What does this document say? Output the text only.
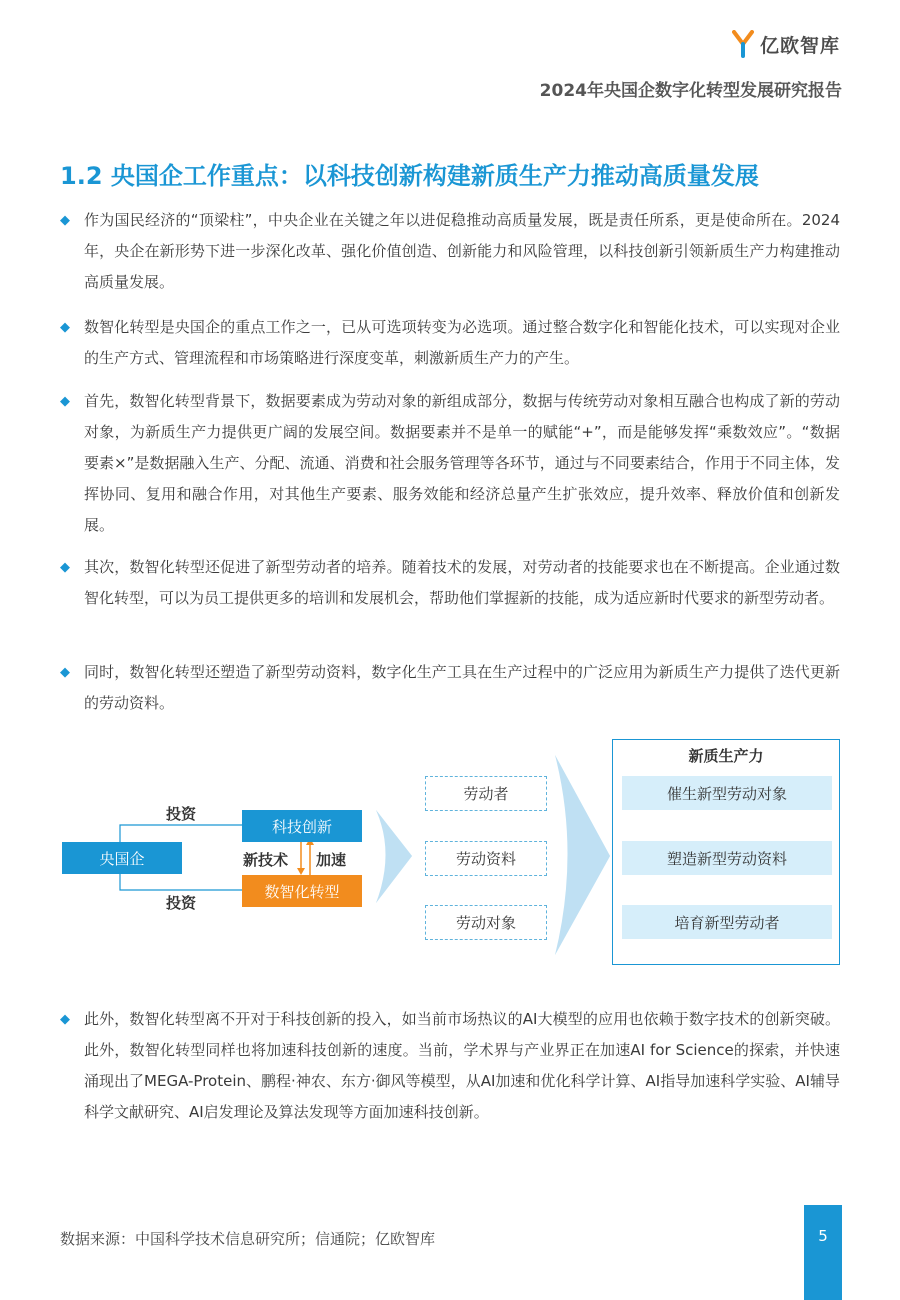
亿欧智库
2024年央国企数字化转型发展研究报告
1.2 央国企工作重点：以科技创新构建新质生产力推动高质量发展
◆ 作为国民经济的“顶梁柱”，中央企业在关键之年以进促稳推动高质量发展，既是责任所系，更是使命所在。2024年，央企在新形势下进一步深化改革、强化价值创造、创新能力和风险管理，以科技创新引领新质生产力构建推动高质量发展。
◆ 数智化转型是央国企的重点工作之一，已从可选项转变为必选项。通过整合数字化和智能化技术，可以实现对企业的生产方式、管理流程和市场策略进行深度变革，刺激新质生产力的产生。
◆ 首先，数智化转型背景下，数据要素成为劳动对象的新组成部分，数据与传统劳动对象相互融合也构成了新的劳动对象，为新质生产力提供更广阔的发展空间。数据要素并不是单一的赋能“+”，而是能够发挥“乘数效应”。“数据要素×”是数据融入生产、分配、流通、消费和社会服务管理等各环节，通过与不同要素结合，作用于不同主体，发挥协同、复用和融合作用，对其他生产要素、服务效能和经济总量产生扩张效应，提升效率、释放价值和创新发展。
◆ 其次，数智化转型还促进了新型劳动者的培养。随着技术的发展，对劳动者的技能要求也在不断提高。企业通过数智化转型，可以为员工提供更多的培训和发展机会，帮助他们掌握新的技能，成为适应新时代要求的新型劳动者。
◆ 同时，数智化转型还塑造了新型劳动资料，数字化生产工具在生产过程中的广泛应用为新质生产力提供了迭代更新的劳动资料。
投资
投资
央国企
科技创新
数智化转型
新技术 加速
劳动者
劳动资料
劳动对象
新质生产力
催生新型劳动对象
塑造新型劳动资料
培育新型劳动者
◆ 此外，数智化转型离不开对于科技创新的投入，如当前市场热议的AI大模型的应用也依赖于数字技术的创新突破。此外，数智化转型同样也将加速科技创新的速度。当前，学术界与产业界正在加速AI for Science的探索，并快速涌现出了MEGA-Protein、鹏程·神农、东方·御风等模型，从AI加速和优化科学计算、AI指导加速科学实验、AI辅导科学文献研究、AI启发理论及算法发现等方面加速科技创新。
数据来源：中国科学技术信息研究所；信通院；亿欧智库	5
